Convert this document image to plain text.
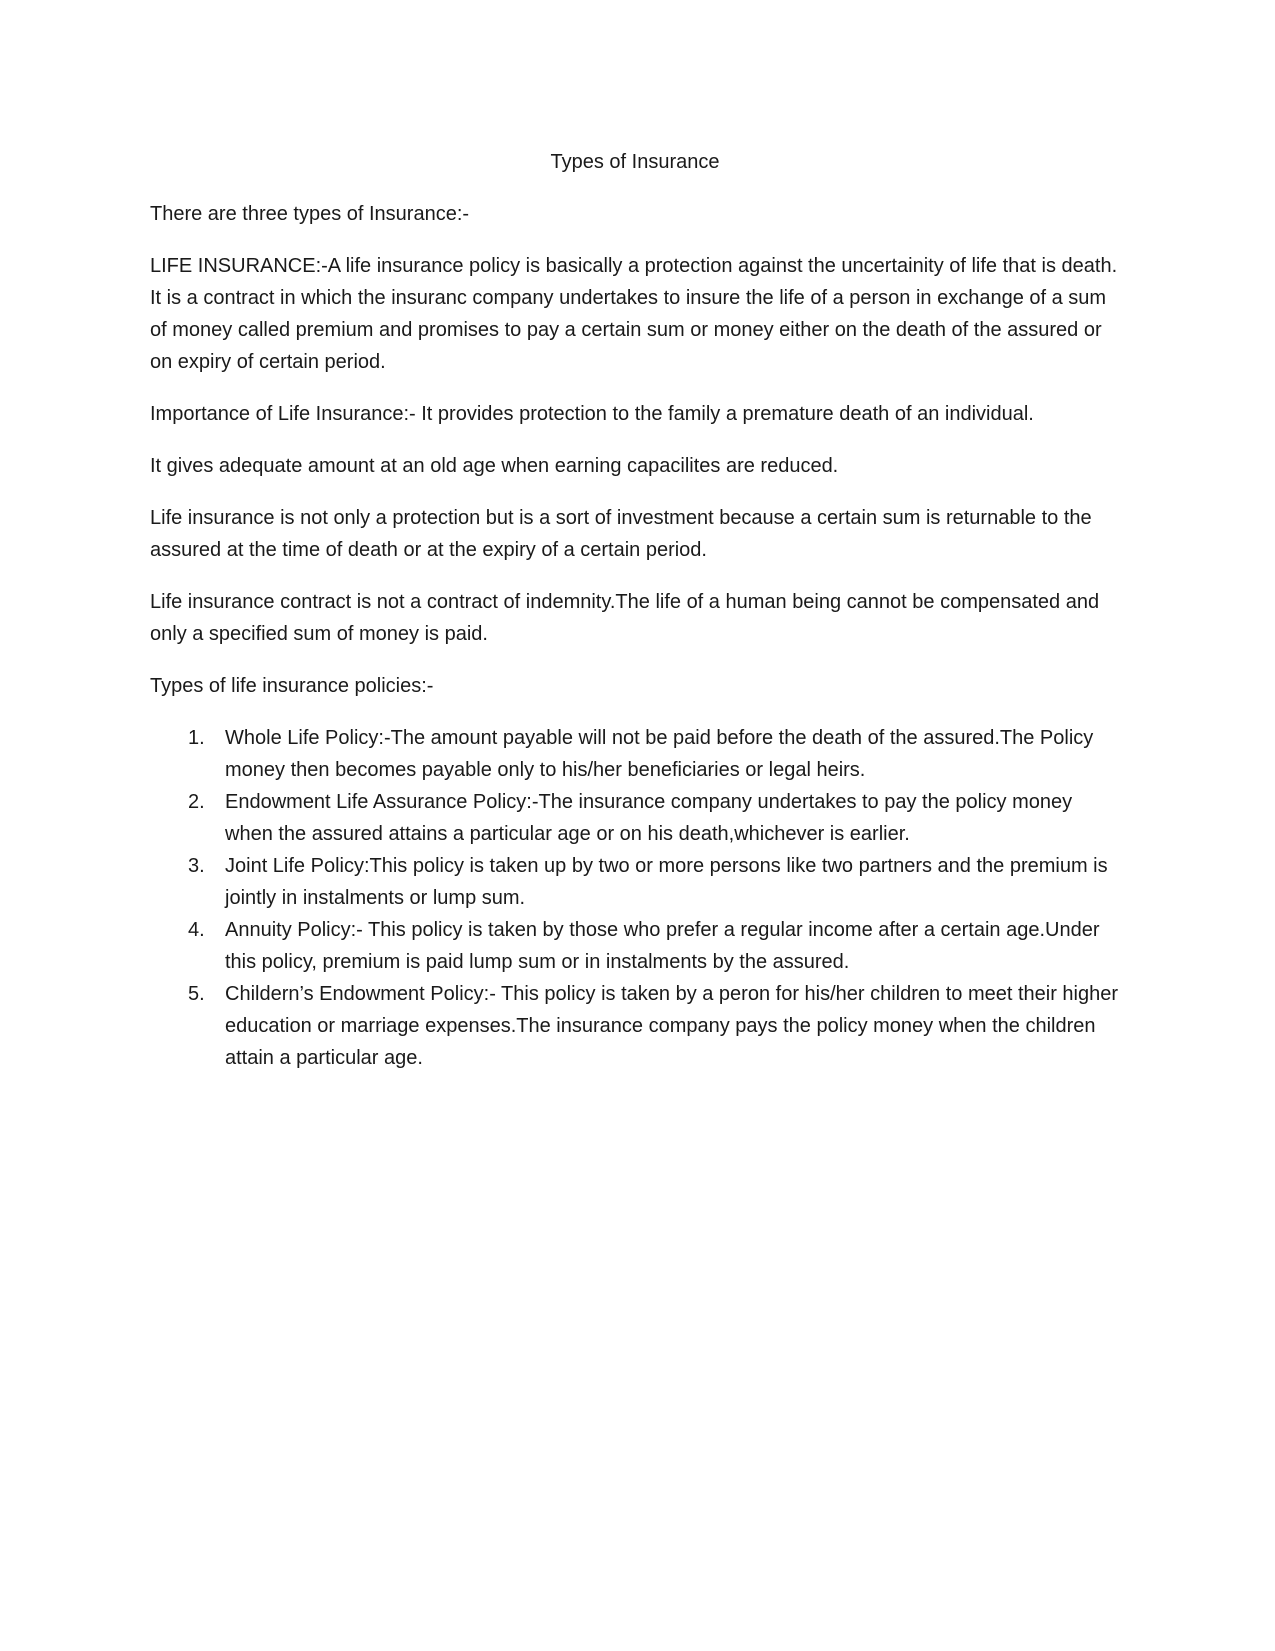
Types of Insurance

There are three types of Insurance:-

LIFE INSURANCE:-A life insurance policy is basically a protection against the uncertainity of life that is death. It is a contract in which the insuranc company undertakes to insure the life of a person in exchange of a sum of money called premium and promises to pay a certain sum or money either on the death of the assured or on expiry of certain period.

Importance of Life Insurance:- It provides protection to the family a premature death of an individual.

It gives adequate amount at an old age when earning capacilites are reduced.

Life insurance is not only a protection but is a sort of investment because a certain sum is returnable to the assured at the time of death or at the expiry of a certain period.

Life insurance contract is not a contract of indemnity.The life of a human being cannot be compensated and only a specified sum of money is paid.

Types of life insurance policies:-

1. Whole Life Policy:-The amount payable will not be paid before the death of the assured.The Policy money then becomes payable only to his/her beneficiaries or legal heirs.
2. Endowment Life Assurance Policy:-The insurance company undertakes to pay the policy money when the assured attains a particular age or on his death,whichever is earlier.
3. Joint Life Policy:This policy is taken up by two or more persons like two partners and the premium is jointly in instalments or lump sum.
4. Annuity Policy:- This policy is taken by those who prefer a regular income after a certain age.Under this policy, premium is paid lump sum or in instalments by the assured.
5. Childern’s Endowment Policy:- This policy is taken by a peron for his/her children to meet their higher education or marriage expenses.The insurance company pays the policy money when the children attain a particular age.
